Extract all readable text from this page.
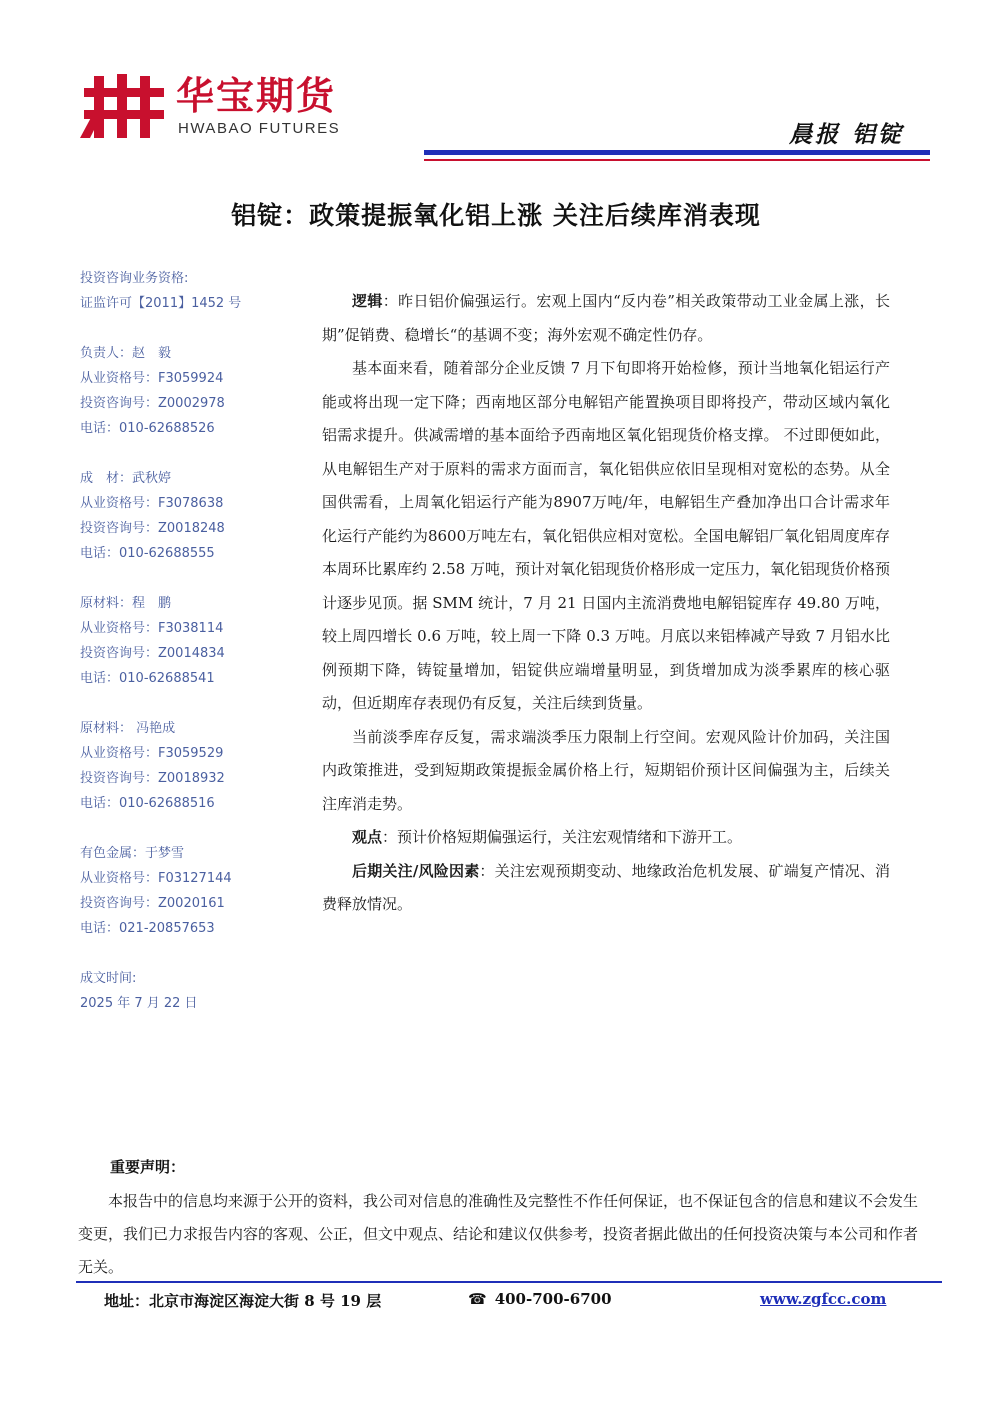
华宝期货
HWABAO FUTURES	晨报 铝锭
铝锭：政策提振氧化铝上涨 关注后续库消表现
投资咨询业务资格:
证监许可【2011】1452 号
负责人：赵　毅
从业资格号：F3059924
投资咨询号：Z0002978
电话：010-62688526
成　材：武秋婷
从业资格号：F3078638
投资咨询号：Z0018248
电话：010-62688555
原材料：程　鹏
从业资格号：F3038114
投资咨询号：Z0014834
电话：010-62688541
原材料： 冯艳成
从业资格号：F3059529
投资咨询号：Z0018932
电话：010-62688516
有色金属：于梦雪
从业资格号：F03127144
投资咨询号：Z0020161
电话：021-20857653
成文时间:
2025 年 7 月 22 日

逻辑：昨日铝价偏强运行。宏观上国内“反内卷”相关政策带动工业金属上涨，长期”促销费、稳增长“的基调不变；海外宏观不确定性仍存。

基本面来看，随着部分企业反馈 7 月下旬即将开始检修，预计当地氧化铝运行产能或将出现一定下降；西南地区部分电解铝产能置换项目即将投产，带动区域内氧化铝需求提升。供减需增的基本面给予西南地区氧化铝现货价格支撑。 不过即便如此，从电解铝生产对于原料的需求方面而言，氧化铝供应依旧呈现相对宽松的态势。从全国供需看，上周氧化铝运行产能为8907万吨/年，电解铝生产叠加净出口合计需求年化运行产能约为8600万吨左右，氧化铝供应相对宽松。全国电解铝厂氧化铝周度库存本周环比累库约 2.58 万吨，预计对氧化铝现货价格形成一定压力，氧化铝现货价格预计逐步见顶。据 SMM 统计，7 月 21 日国内主流消费地电解铝锭库存 49.80 万吨，较上周四增长 0.6 万吨，较上周一下降 0.3 万吨。月底以来铝棒减产导致 7 月铝水比例预期下降，铸锭量增加，铝锭供应端增量明显，到货增加成为淡季累库的核心驱动，但近期库存表现仍有反复，关注后续到货量。

当前淡季库存反复，需求端淡季压力限制上行空间。宏观风险计价加码，关注国内政策推进，受到短期政策提振金属价格上行，短期铝价预计区间偏强为主，后续关注库消走势。

观点：预计价格短期偏强运行，关注宏观情绪和下游开工。

后期关注/风险因素：关注宏观预期变动、地缘政治危机发展、矿端复产情况、消费释放情况。

重要声明：
本报告中的信息均来源于公开的资料，我公司对信息的准确性及完整性不作任何保证，也不保证包含的信息和建议不会发生变更，我们已力求报告内容的客观、公正，但文中观点、结论和建议仅供参考，投资者据此做出的任何投资决策与本公司和作者无关。
地址：北京市海淀区海淀大街 8 号 19 层	☎ 400-700-6700	www.zgfcc.com
